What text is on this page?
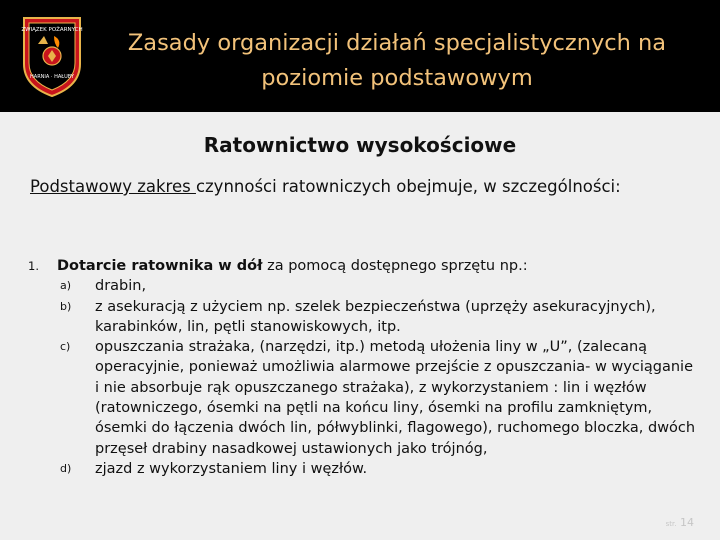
ZWIĄZEK POŻARNYCH
HARNIA · HAŁUBY
Zasady organizacji działań specjalistycznych na
poziomie podstawowym
Ratownictwo wysokościowe
Podstawowy zakres czynności ratowniczych obejmuje, w szczególności:
1. Dotarcie ratownika w dół za pomocą dostępnego sprzętu np.:
a) drabin,
b) z asekuracją z użyciem np. szelek bezpieczeństwa (uprzęży asekuracyjnych), karabinków, lin, pętli stanowiskowych, itp.
c) opuszczania strażaka, (narzędzi, itp.) metodą ułożenia liny w „U”, (zalecaną operacyjnie, ponieważ umożliwia alarmowe przejście z opuszczania- w wyciąganie i nie absorbuje rąk opuszczanego strażaka), z wykorzystaniem : lin i węzłów (ratowniczego, ósemki na pętli na końcu liny, ósemki na profilu zamkniętym, ósemki do łączenia dwóch lin, półwyblinki, flagowego), ruchomego bloczka, dwóch przęseł drabiny nasadkowej ustawionych jako trójnóg,
d) zjazd z wykorzystaniem liny i węzłów.
str. 14
